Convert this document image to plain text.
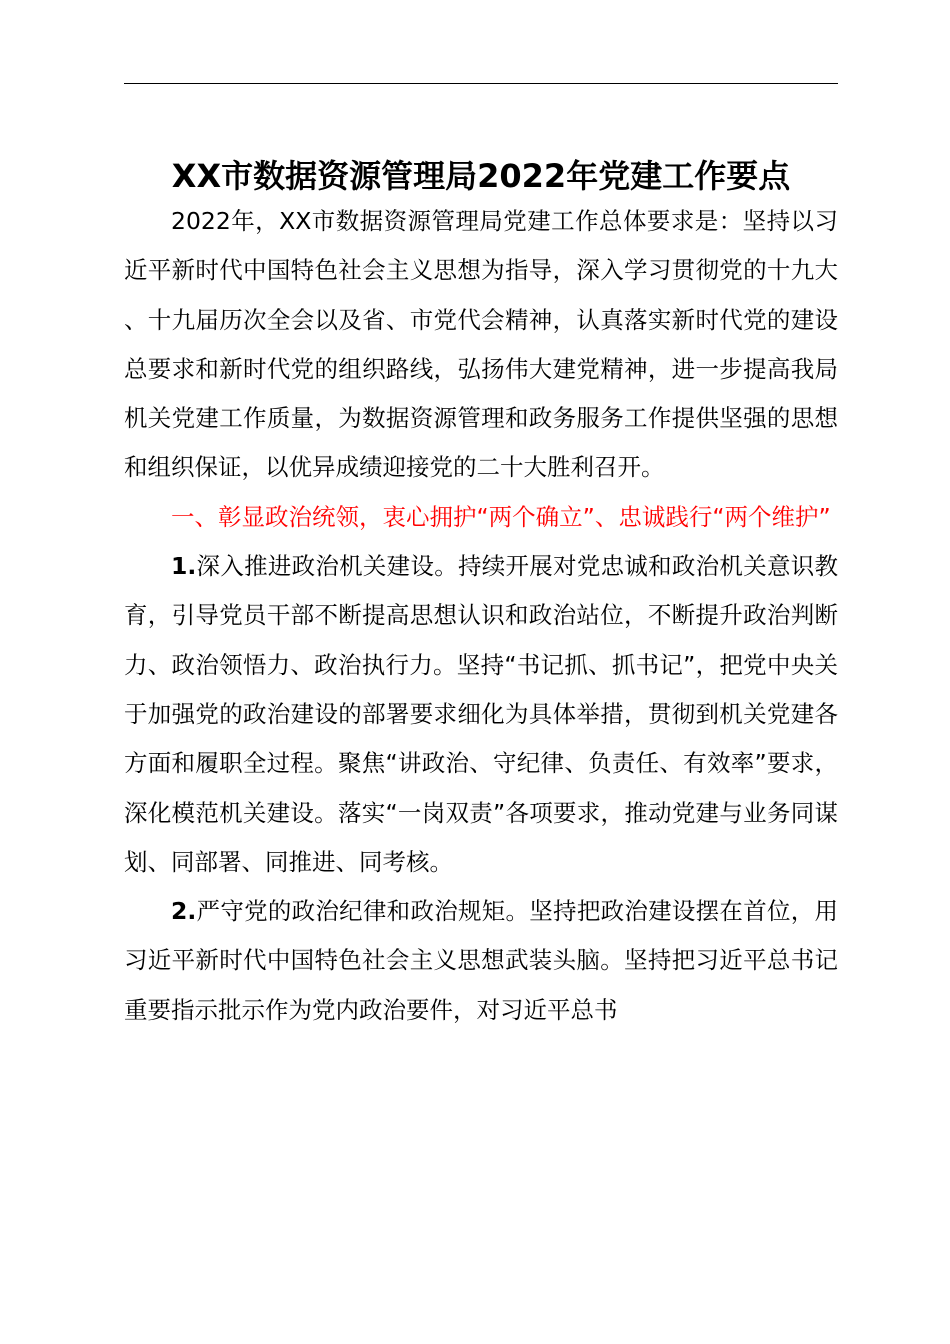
XX市数据资源管理局2022年党建工作要点

2022年，XX市数据资源管理局党建工作总体要求是：坚持以习近平新时代中国特色社会主义思想为指导，深入学习贯彻党的十九大、十九届历次全会以及省、市党代会精神，认真落实新时代党的建设总要求和新时代党的组织路线，弘扬伟大建党精神，进一步提高我局机关党建工作质量，为数据资源管理和政务服务工作提供坚强的思想和组织保证，以优异成绩迎接党的二十大胜利召开。

一、彰显政治统领，衷心拥护“两个确立”、忠诚践行“两个维护”

1.深入推进政治机关建设。持续开展对党忠诚和政治机关意识教育，引导党员干部不断提高思想认识和政治站位，不断提升政治判断力、政治领悟力、政治执行力。坚持“书记抓、抓书记”，把党中央关于加强党的政治建设的部署要求细化为具体举措，贯彻到机关党建各方面和履职全过程。聚焦“讲政治、守纪律、负责任、有效率”要求，深化模范机关建设。落实“一岗双责”各项要求，推动党建与业务同谋划、同部署、同推进、同考核。

2.严守党的政治纪律和政治规矩。坚持把政治建设摆在首位，用习近平新时代中国特色社会主义思想武装头脑。坚持把习近平总书记重要指示批示作为党内政治要件，对习近平总书
